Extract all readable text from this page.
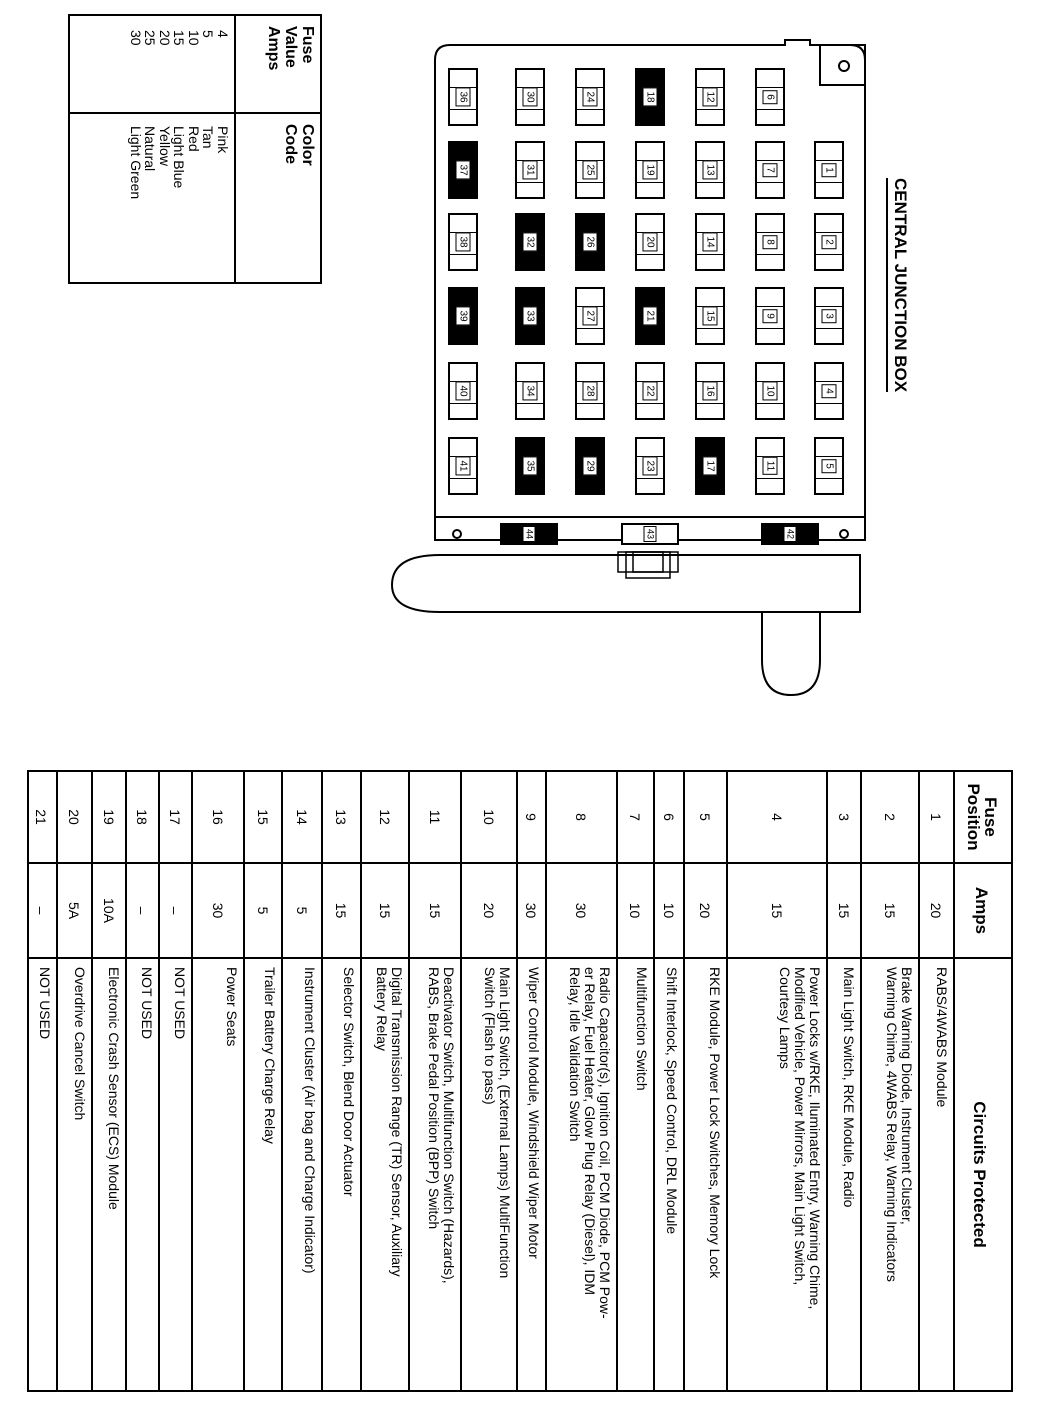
Fuse
Value
Amps
4
5
10
15
20
25
30
Color
Code
Pink
Tan
Red
Light Blue
Yellow
Natural
Light Green
CENTRAL JUNCTION BOX
36
37
38
39
40
41
30
31
32
33
34
35
24
25
26
27
28
29
18
19
20
21
22
23
12
13
14
15
16
17
6
7
8
9
10
11
1
2
3
4
5
44	43	42
Fuse
Position
Amps
Circuits Protected
1
20
RABS/4WABS Module
2
15
Brake Warning Diode, Instrument Cluster,
Warning Chime, 4WABS Relay, Warning Indicators
3
15
Main Light Switch, RKE Module, Radio
4
15
Power Locks w/RKE, Iluminated Entry, Warning Chime,
Modified Vehicle, Power Mirrors, Main Light Switch,
Courtesy Lamps
5
20
RKE Module, Power Lock Switches, Memory Lock
6
10
Shift Interlock, Speed Control, DRL Module
7
10
Multifunction Switch
8
30
Radio Capacitor(s), Ignition Coil, PCM Diode, PCM Pow-
er Relay, Fuel Heater, Glow Plug Relay (Diesel), IDM
Relay, Idle Validation Switch
9
30
Wiper Control Module, Windshield Wiper Motor
10
20
Main Light Switch, (External Lamps) MultiFunction
Switch (Flash to pass)
11
15
Deactivator Switch, Multifunction Switch (Hazards),
RABS, Brake Pedal Position (BPP) Switch
12
15
Digital Transmission Range (TR) Sensor, Auxiliary
Battery Relay
13
15
Selector Switch, Blend Door Actuator
14
5
Instrument Cluster (Air bag and Charge Indicator)
15
5
Trailer Battery Charge Relay
16
30
Power Seats
17
–
NOT USED
18
–
NOT USED
19
10A
Electronic Crash Sensor (ECS) Module
20
5A
Overdrive Cancel Switch
21
–
NOT USED
